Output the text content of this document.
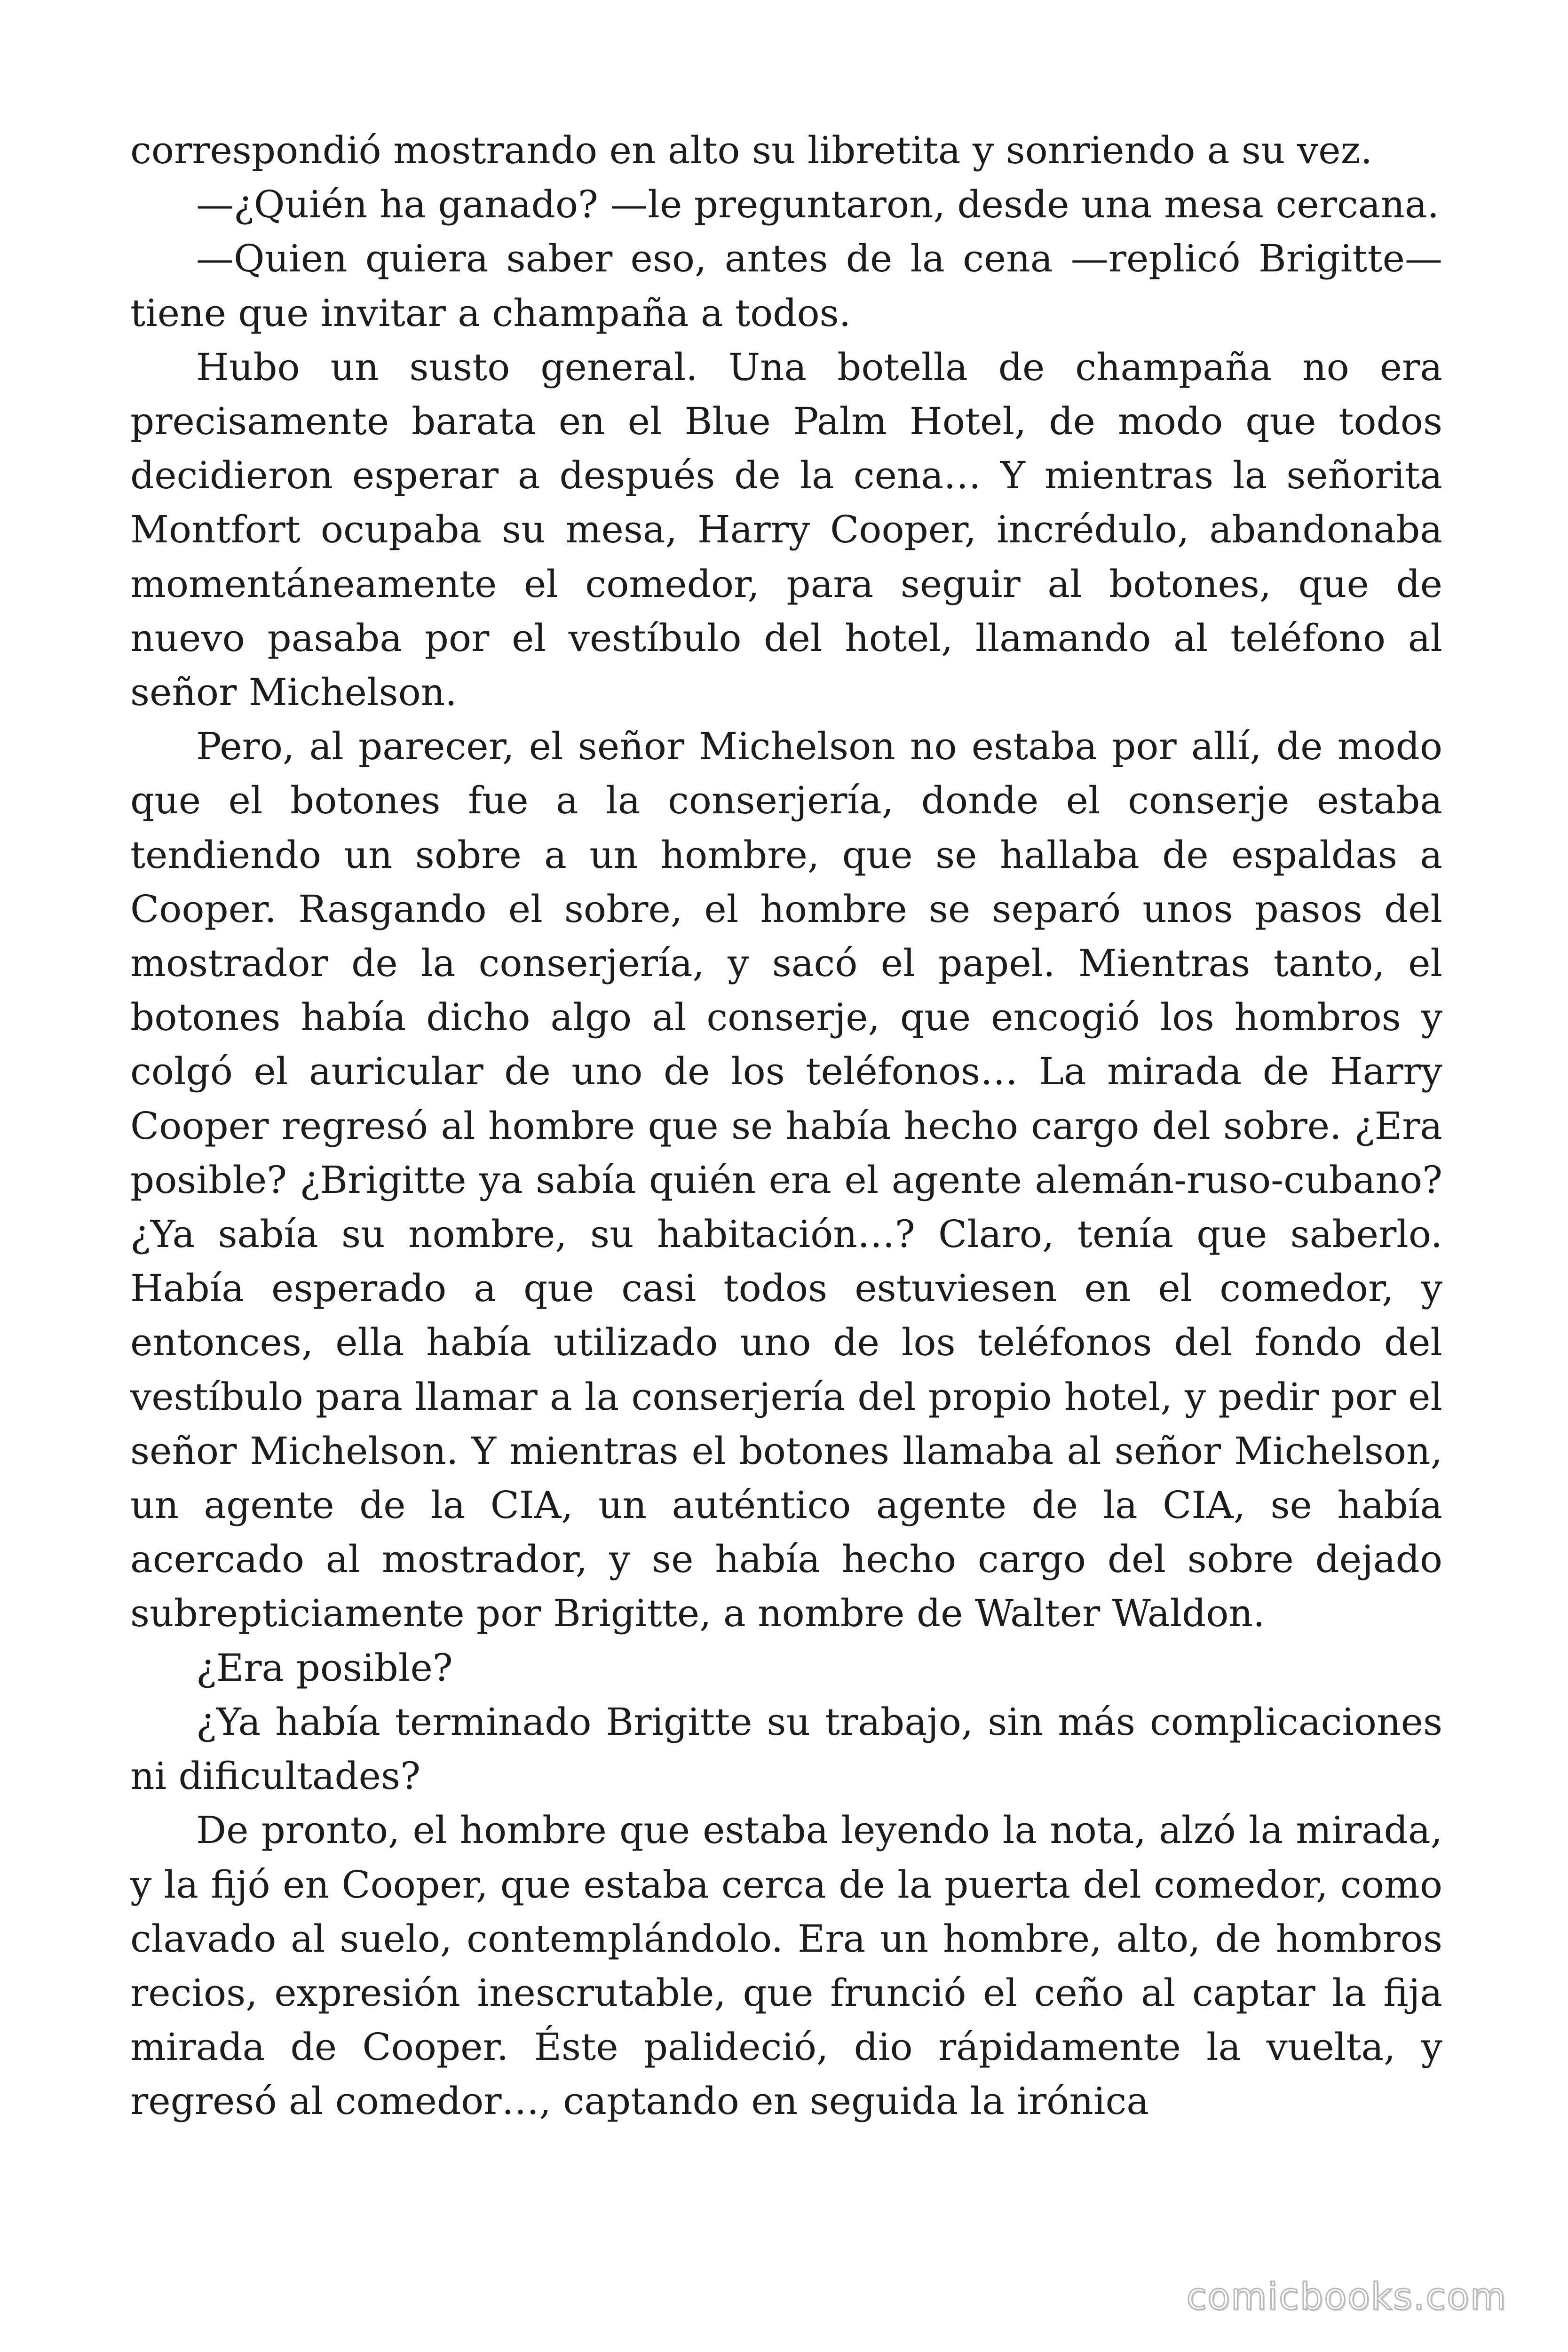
correspondió mostrando en alto su libretita y sonriendo a su vez.

—¿Quién ha ganado? —le preguntaron, desde una mesa cercana.

—Quien quiera saber eso, antes de la cena —replicó Brigitte— tiene que invitar a champaña a todos.

Hubo un susto general. Una botella de champaña no era precisamente barata en el Blue Palm Hotel, de modo que todos decidieron esperar a después de la cena… Y mientras la señorita Montfort ocupaba su mesa, Harry Cooper, incrédulo, abandonaba momentáneamente el comedor, para seguir al botones, que de nuevo pasaba por el vestíbulo del hotel, llamando al teléfono al señor Michelson.

Pero, al parecer, el señor Michelson no estaba por allí, de modo que el botones fue a la conserjería, donde el conserje estaba tendiendo un sobre a un hombre, que se hallaba de espaldas a Cooper. Rasgando el sobre, el hombre se separó unos pasos del mostrador de la conserjería, y sacó el papel. Mientras tanto, el botones había dicho algo al conserje, que encogió los hombros y colgó el auricular de uno de los teléfonos… La mirada de Harry Cooper regresó al hombre que se había hecho cargo del sobre. ¿Era posible? ¿Brigitte ya sabía quién era el agente alemán-ruso-cubano? ¿Ya sabía su nombre, su habitación…? Claro, tenía que saberlo. Había esperado a que casi todos estuviesen en el comedor, y entonces, ella había utilizado uno de los teléfonos del fondo del vestíbulo para llamar a la conserjería del propio hotel, y pedir por el señor Michelson. Y mientras el botones llamaba al señor Michelson, un agente de la CIA, un auténtico agente de la CIA, se había acercado al mostrador, y se había hecho cargo del sobre dejado subrepticiamente por Brigitte, a nombre de Walter Waldon.

¿Era posible?

¿Ya había terminado Brigitte su trabajo, sin más complicaciones ni dificultades?

De pronto, el hombre que estaba leyendo la nota, alzó la mirada, y la fijó en Cooper, que estaba cerca de la puerta del comedor, como clavado al suelo, contemplándolo. Era un hombre, alto, de hombros recios, expresión inescrutable, que frunció el ceño al captar la fija mirada de Cooper. Éste palideció, dio rápidamente la vuelta, y regresó al comedor…, captando en seguida la irónica

comicbooks.com
